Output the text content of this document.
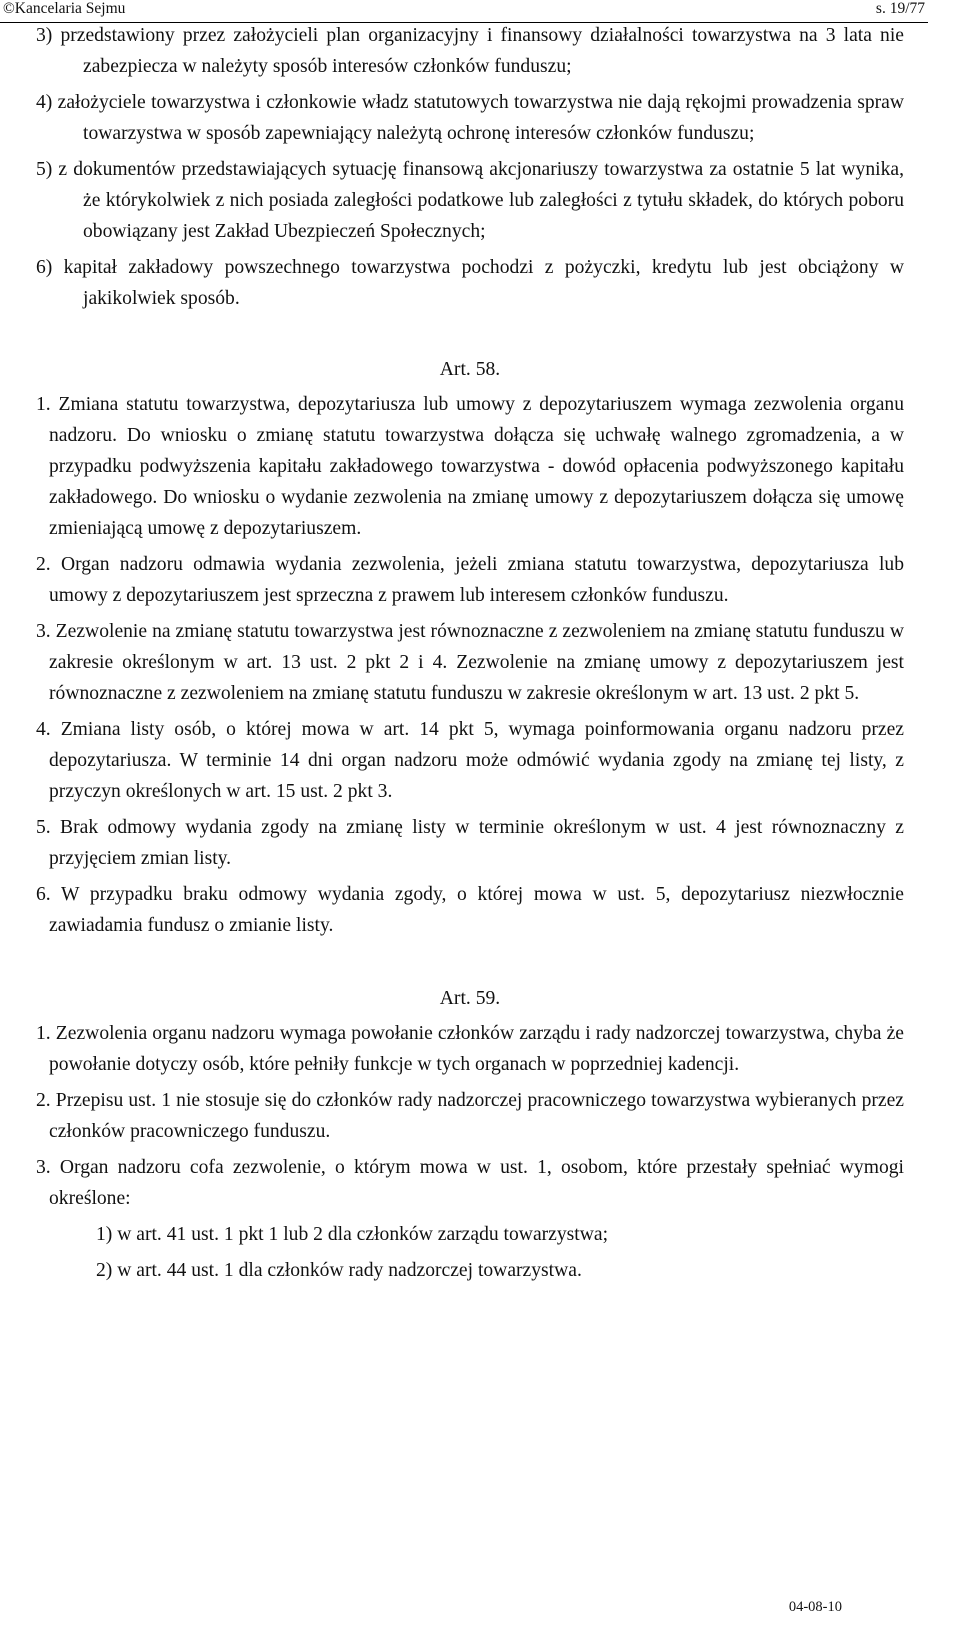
©Kancelaria Sejmu	s. 19/77

3) przedstawiony przez założycieli plan organizacyjny i finansowy działalności towarzystwa na 3 lata nie zabezpiecza w należyty sposób interesów członków funduszu;

4) założyciele towarzystwa i członkowie władz statutowych towarzystwa nie dają rękojmi prowadzenia spraw towarzystwa w sposób zapewniający należytą ochronę interesów członków funduszu;

5) z dokumentów przedstawiających sytuację finansową akcjonariuszy towarzystwa za ostatnie 5 lat wynika, że którykolwiek z nich posiada zaległości podatkowe lub zaległości z tytułu składek, do których poboru obowiązany jest Zakład Ubezpieczeń Społecznych;

6) kapitał zakładowy powszechnego towarzystwa pochodzi z pożyczki, kredytu lub jest obciążony w jakikolwiek sposób.

Art. 58.

1. Zmiana statutu towarzystwa, depozytariusza lub umowy z depozytariuszem wymaga zezwolenia organu nadzoru. Do wniosku o zmianę statutu towarzystwa dołącza się uchwałę walnego zgromadzenia, a w przypadku podwyższenia kapitału zakładowego towarzystwa - dowód opłacenia podwyższonego kapitału zakładowego. Do wniosku o wydanie zezwolenia na zmianę umowy z depozytariuszem dołącza się umowę zmieniającą umowę z depozytariuszem.

2. Organ nadzoru odmawia wydania zezwolenia, jeżeli zmiana statutu towarzystwa, depozytariusza lub umowy z depozytariuszem jest sprzeczna z prawem lub interesem członków funduszu.

3. Zezwolenie na zmianę statutu towarzystwa jest równoznaczne z zezwoleniem na zmianę statutu funduszu w zakresie określonym w art. 13 ust. 2 pkt 2 i 4. Zezwolenie na zmianę umowy z depozytariuszem jest równoznaczne z zezwoleniem na zmianę statutu funduszu w zakresie określonym w art. 13 ust. 2 pkt 5.

4. Zmiana listy osób, o której mowa w art. 14 pkt 5, wymaga poinformowania organu nadzoru przez depozytariusza. W terminie 14 dni organ nadzoru może odmówić wydania zgody na zmianę tej listy, z przyczyn określonych w art. 15 ust. 2 pkt 3.

5. Brak odmowy wydania zgody na zmianę listy w terminie określonym w ust. 4 jest równoznaczny z przyjęciem zmian listy.

6. W przypadku braku odmowy wydania zgody, o której mowa w ust. 5, depozytariusz niezwłocznie zawiadamia fundusz o zmianie listy.

Art. 59.

1. Zezwolenia organu nadzoru wymaga powołanie członków zarządu i rady nadzorczej towarzystwa, chyba że powołanie dotyczy osób, które pełniły funkcje w tych organach w poprzedniej kadencji.

2. Przepisu ust. 1 nie stosuje się do członków rady nadzorczej pracowniczego towarzystwa wybieranych przez członków pracowniczego funduszu.

3. Organ nadzoru cofa zezwolenie, o którym mowa w ust. 1, osobom, które przestały spełniać wymogi określone:

1) w art. 41 ust. 1 pkt 1 lub 2 dla członków zarządu towarzystwa;

2) w art. 44 ust. 1 dla członków rady nadzorczej towarzystwa.

04-08-10
